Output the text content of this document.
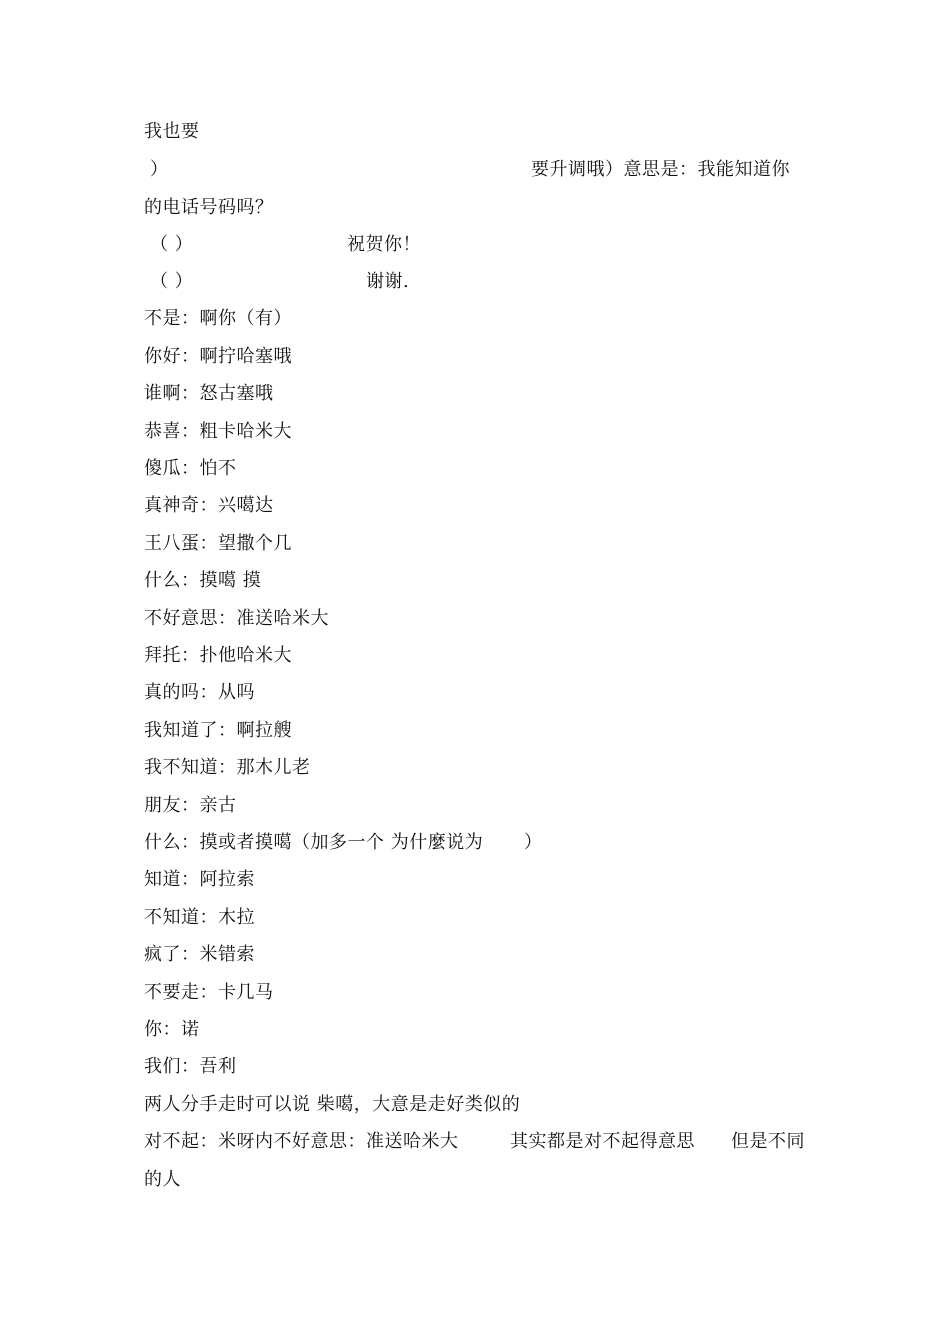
我也要
）	要升调哦）意思是：我能知道你
的电话号码吗？
（ ）	祝贺你！
（ ）	谢谢.
不是：啊你（有）
你好：啊拧哈塞哦
谁啊：怒古塞哦
恭喜：粗卡哈米大
傻瓜：怕不
真神奇：兴噶达
王八蛋：望撒个几
什么：摸噶 摸
不好意思：准送哈米大
拜托：扑他哈米大
真的吗：从吗
我知道了：啊拉艘
我不知道：那木儿老
朋友：亲古
什么：摸或者摸噶（加多一个 为什麼说为 ）
知道：阿拉索
不知道：木拉
疯了：米错索
不要走：卡几马
你：诺
我们：吾利
两人分手走时可以说 柴噶，大意是走好类似的
对不起：米呀内不好意思：准送哈米大	其实都是对不起得意思 但是不同
的人
